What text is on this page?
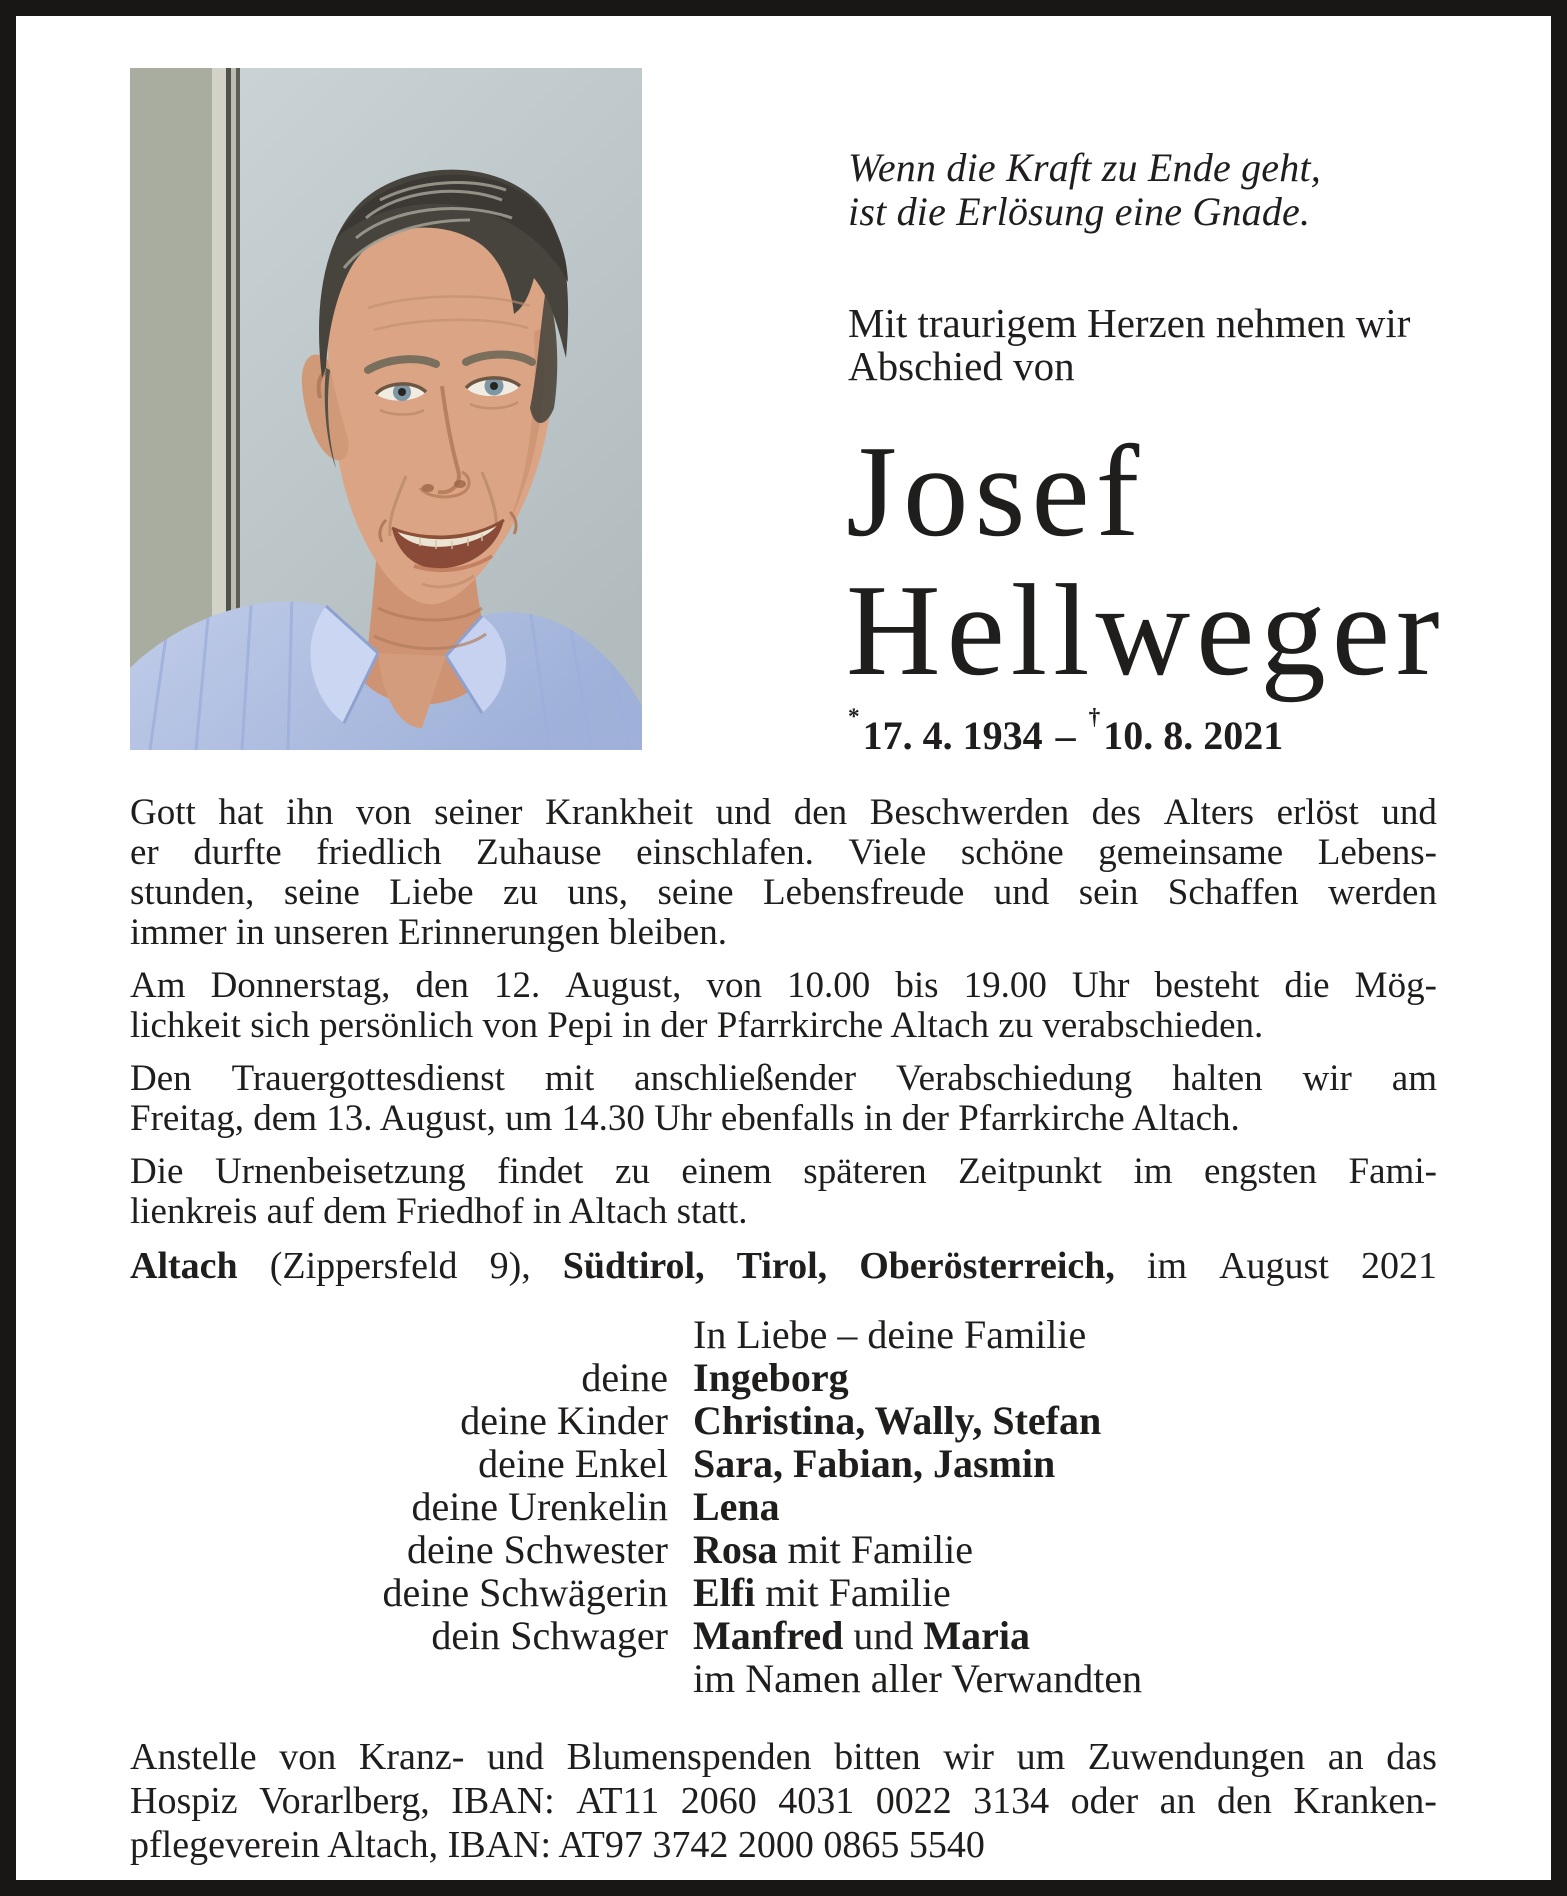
Wenn die Kraft zu Ende geht,
ist die Erlösung eine Gnade.
Mit traurigem Herzen nehmen wir
Abschied von
Josef
Hellweger
*17. 4. 1934 – †10. 8. 2021
Gott hat ihn von seiner Krankheit und den Beschwerden des Alters erlöst und
er durfte friedlich Zuhause einschlafen. Viele schöne gemeinsame Lebens-
stunden, seine Liebe zu uns, seine Lebensfreude und sein Schaffen werden
immer in unseren Erinnerungen bleiben.
Am Donnerstag, den 12. August, von 10.00 bis 19.00 Uhr besteht die Mög-
lichkeit sich persönlich von Pepi in der Pfarrkirche Altach zu verabschieden.
Den Trauergottesdienst mit anschließender Verabschiedung halten wir am
Freitag, dem 13. August, um 14.30 Uhr ebenfalls in der Pfarrkirche Altach.
Die Urnenbeisetzung findet zu einem späteren Zeitpunkt im engsten Fami-
lienkreis auf dem Friedhof in Altach statt.
Altach (Zippersfeld 9), Südtirol, Tirol, Oberösterreich, im August 2021
In Liebe – deine Familie
deine Ingeborg
deine Kinder Christina, Wally, Stefan
deine Enkel Sara, Fabian, Jasmin
deine Urenkelin Lena
deine Schwester Rosa mit Familie
deine Schwägerin Elfi mit Familie
dein Schwager Manfred und Maria
im Namen aller Verwandten
Anstelle von Kranz- und Blumenspenden bitten wir um Zuwendungen an das
Hospiz Vorarlberg, IBAN: AT11 2060 4031 0022 3134 oder an den Kranken-
pflegeverein Altach, IBAN: AT97 3742 2000 0865 5540
